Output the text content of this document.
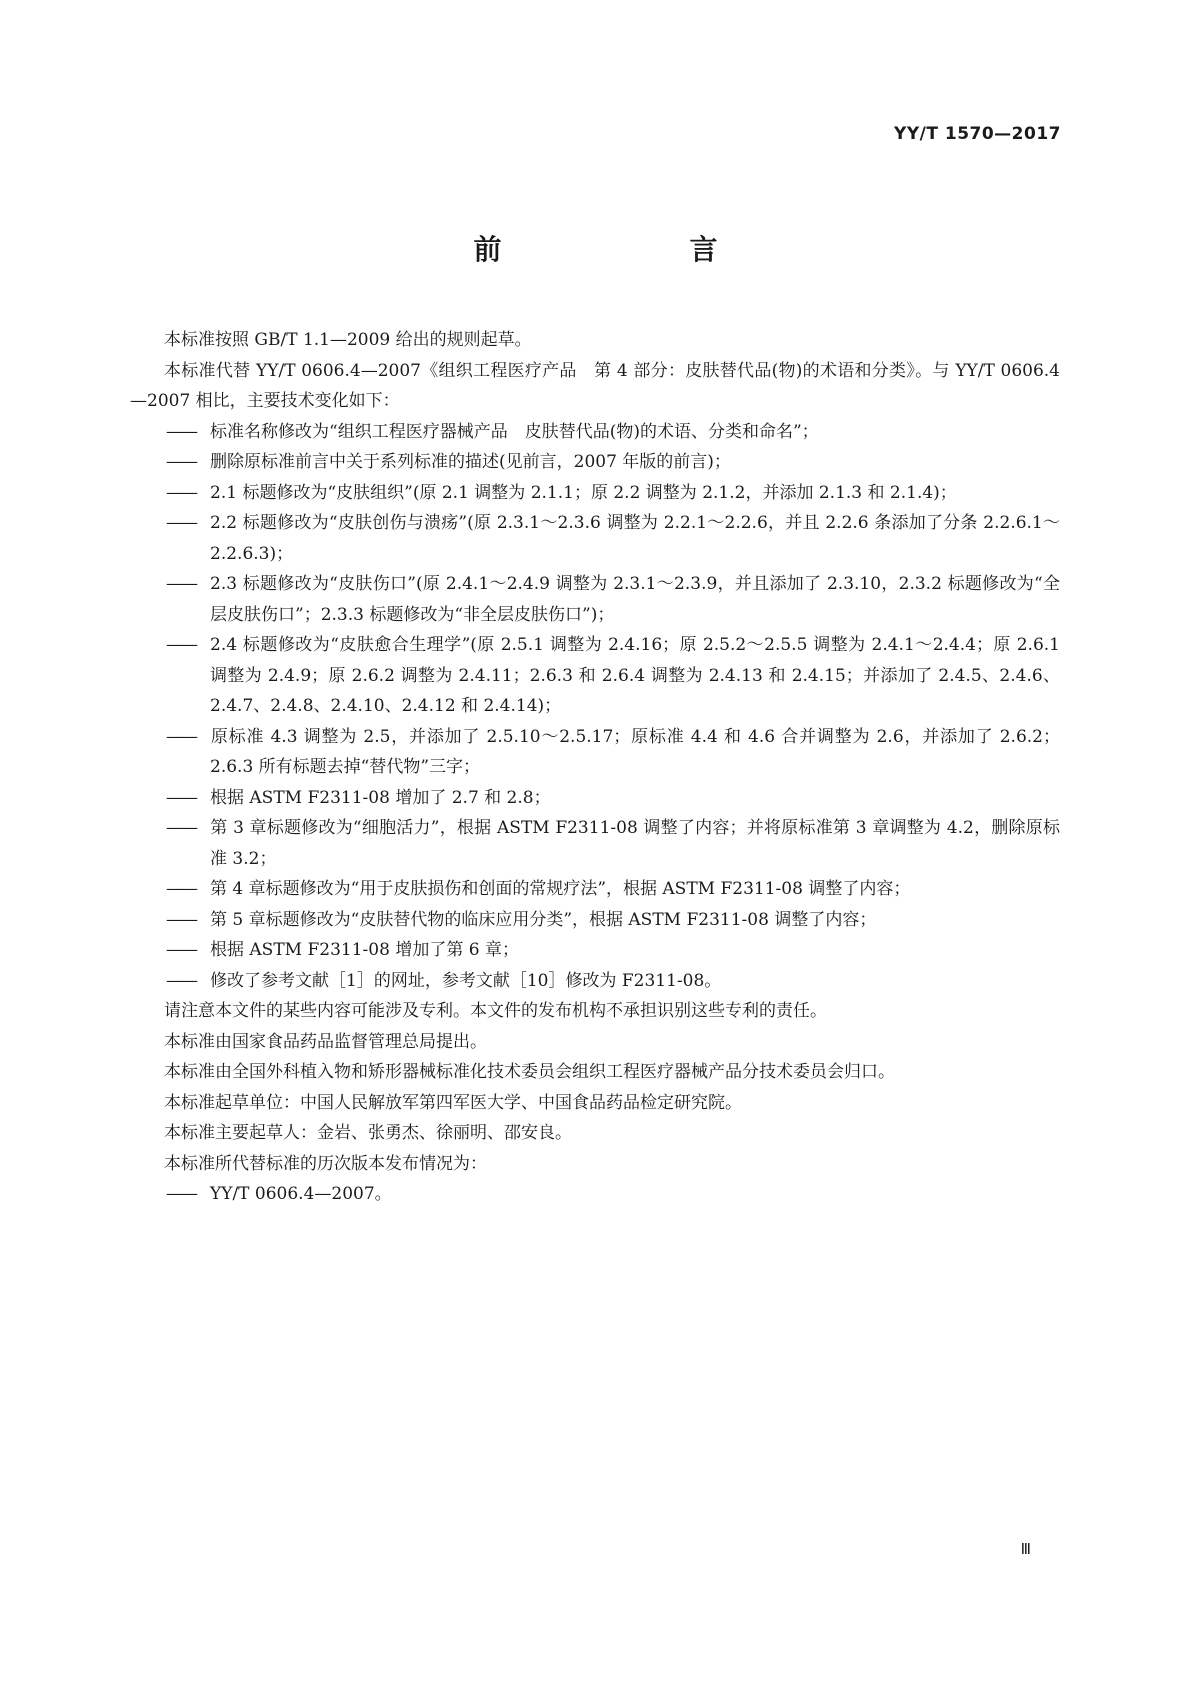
YY/T 1570—2017
前　　言

本标准按照 GB/T 1.1—2009 给出的规则起草。

本标准代替 YY/T 0606.4—2007《组织工程医疗产品　第 4 部分：皮肤替代品(物)的术语和分类》。与 YY/T 0606.4—2007 相比，主要技术变化如下：

—— 标准名称修改为“组织工程医疗器械产品　皮肤替代品(物)的术语、分类和命名”；

—— 删除原标准前言中关于系列标准的描述(见前言，2007 年版的前言)；

—— 2.1 标题修改为“皮肤组织”(原 2.1 调整为 2.1.1；原 2.2 调整为 2.1.2，并添加 2.1.3 和 2.1.4)；

—— 2.2 标题修改为“皮肤创伤与溃疡”(原 2.3.1～2.3.6 调整为 2.2.1～2.2.6，并且 2.2.6 条添加了分条 2.2.6.1～2.2.6.3)；

—— 2.3 标题修改为“皮肤伤口”(原 2.4.1～2.4.9 调整为 2.3.1～2.3.9，并且添加了 2.3.10，2.3.2 标题修改为“全层皮肤伤口”；2.3.3 标题修改为“非全层皮肤伤口”)；

—— 2.4 标题修改为“皮肤愈合生理学”(原 2.5.1 调整为 2.4.16；原 2.5.2～2.5.5 调整为 2.4.1～2.4.4；原 2.6.1 调整为 2.4.9；原 2.6.2 调整为 2.4.11；2.6.3 和 2.6.4 调整为 2.4.13 和 2.4.15；并添加了 2.4.5、2.4.6、2.4.7、2.4.8、2.4.10、2.4.12 和 2.4.14)；

—— 原标准 4.3 调整为 2.5，并添加了 2.5.10～2.5.17；原标准 4.4 和 4.6 合并调整为 2.6，并添加了 2.6.2；2.6.3 所有标题去掉“替代物”三字；

—— 根据 ASTM F2311-08 增加了 2.7 和 2.8；

—— 第 3 章标题修改为“细胞活力”，根据 ASTM F2311-08 调整了内容；并将原标准第 3 章调整为 4.2，删除原标准 3.2；

—— 第 4 章标题修改为“用于皮肤损伤和创面的常规疗法”，根据 ASTM F2311-08 调整了内容；

—— 第 5 章标题修改为“皮肤替代物的临床应用分类”，根据 ASTM F2311-08 调整了内容；

—— 根据 ASTM F2311-08 增加了第 6 章；

—— 修改了参考文献［1］的网址，参考文献［10］修改为 F2311-08。

请注意本文件的某些内容可能涉及专利。本文件的发布机构不承担识别这些专利的责任。

本标准由国家食品药品监督管理总局提出。

本标准由全国外科植入物和矫形器械标准化技术委员会组织工程医疗器械产品分技术委员会归口。

本标准起草单位：中国人民解放军第四军医大学、中国食品药品检定研究院。

本标准主要起草人：金岩、张勇杰、徐丽明、邵安良。

本标准所代替标准的历次版本发布情况为：

—— YY/T 0606.4—2007。

Ⅲ
